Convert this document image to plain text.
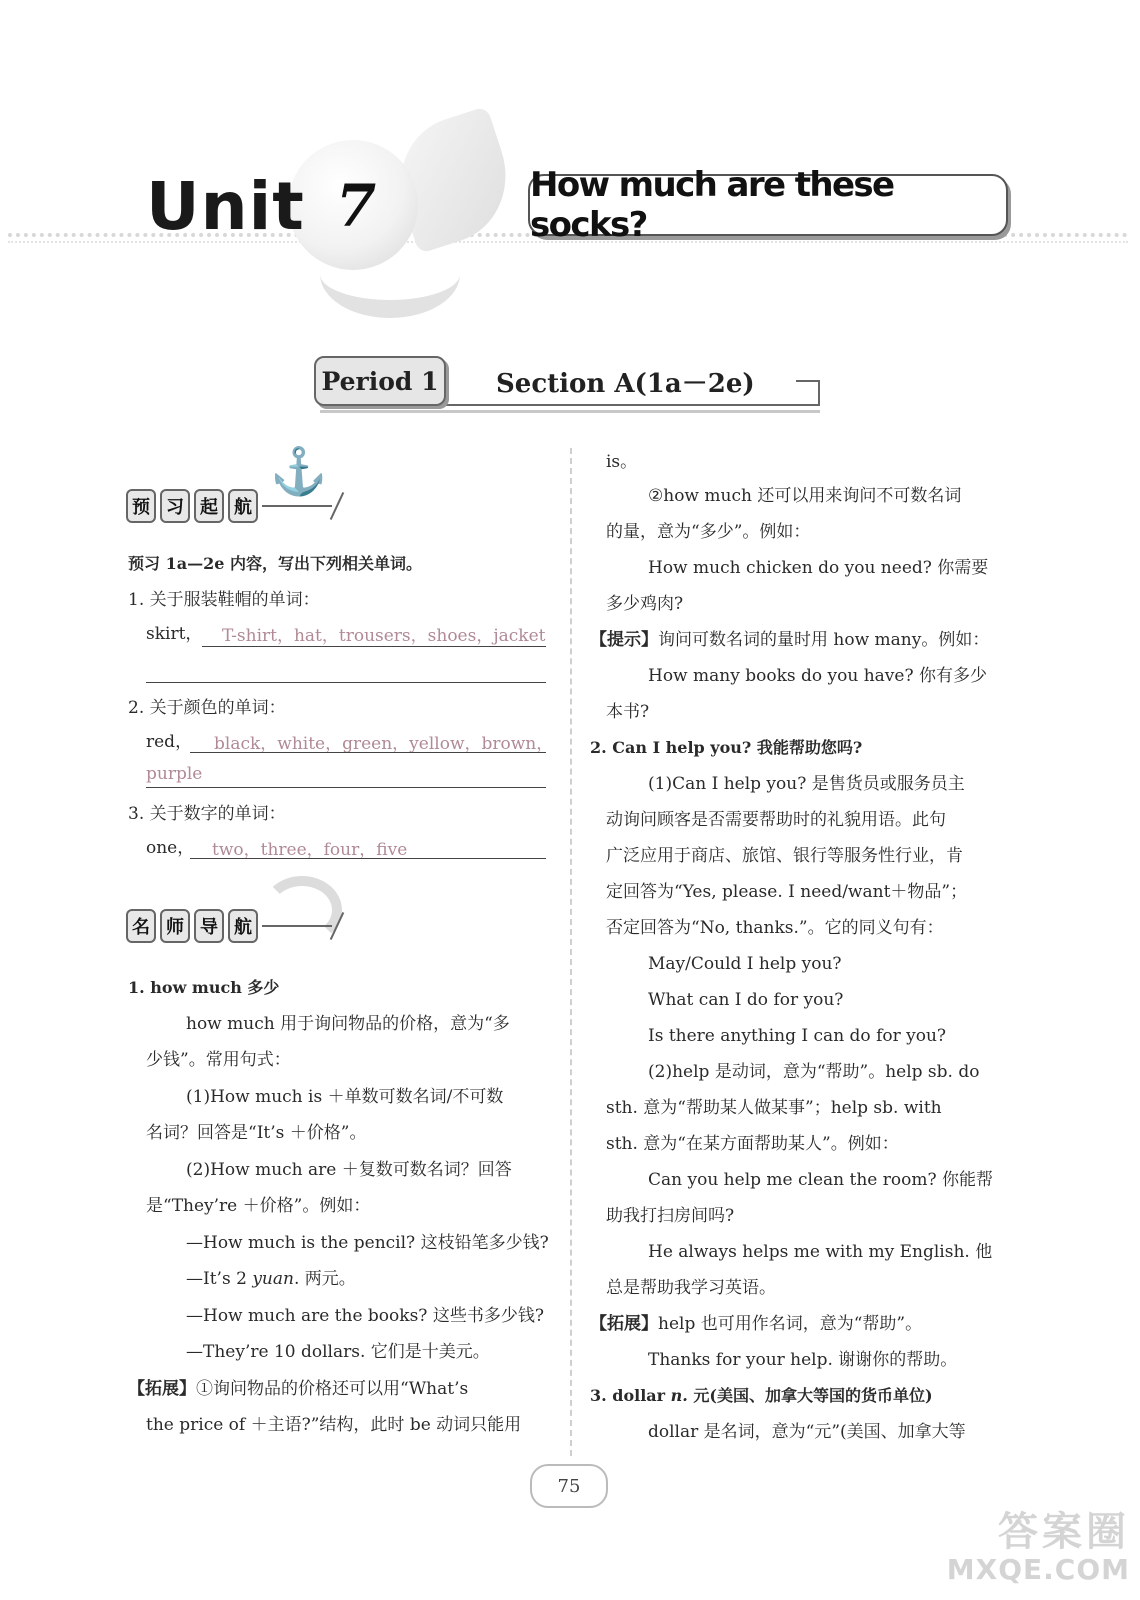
Unit 7	How much are these socks?
Period 1 Section A(1a－2e)
⚓
预 习 起 航
预习 1a—2e 内容，写出下列相关单词。
1. 关于服装鞋帽的单词：
skirt， T-shirt，hat，trousers，shoes，jacket
2. 关于颜色的单词：
red， black，white，green，yellow，brown，
purple
3. 关于数字的单词：
one， two，three，four，five
名 师 导 航
1. how much 多少
how much 用于询问物品的价格，意为“多
少钱”。常用句式：
(1)How much is ＋单数可数名词/不可数
名词？回答是“It’s ＋价格”。
(2)How much are ＋复数可数名词？回答
是“They’re ＋价格”。例如：
—How much is the pencil? 这枝铅笔多少钱?
—It’s 2 yuan. 两元。
—How much are the books? 这些书多少钱?
—They’re 10 dollars. 它们是十美元。
【拓展】①询问物品的价格还可以用“What’s
the price of ＋主语?”结构，此时 be 动词只能用
is。
②how much 还可以用来询问不可数名词
的量，意为“多少”。例如：
How much chicken do you need? 你需要
多少鸡肉?
【提示】询问可数名词的量时用 how many。例如：
How many books do you have? 你有多少
本书?
2. Can I help you? 我能帮助您吗?
(1)Can I help you? 是售货员或服务员主
动询问顾客是否需要帮助时的礼貌用语。此句
广泛应用于商店、旅馆、银行等服务性行业，肯
定回答为“Yes, please. I need/want＋物品”；
否定回答为“No, thanks.”。它的同义句有：
May/Could I help you?
What can I do for you?
Is there anything I can do for you?
(2)help 是动词，意为“帮助”。help sb. do
sth. 意为“帮助某人做某事”；help sb. with
sth. 意为“在某方面帮助某人”。例如：
Can you help me clean the room? 你能帮
助我打扫房间吗?
He always helps me with my English. 他
总是帮助我学习英语。
【拓展】help 也可用作名词，意为“帮助”。
Thanks for your help. 谢谢你的帮助。
3. dollar n. 元(美国、加拿大等国的货币单位)
dollar 是名词，意为“元”(美国、加拿大等
75
答案圈
MXQE.COM
